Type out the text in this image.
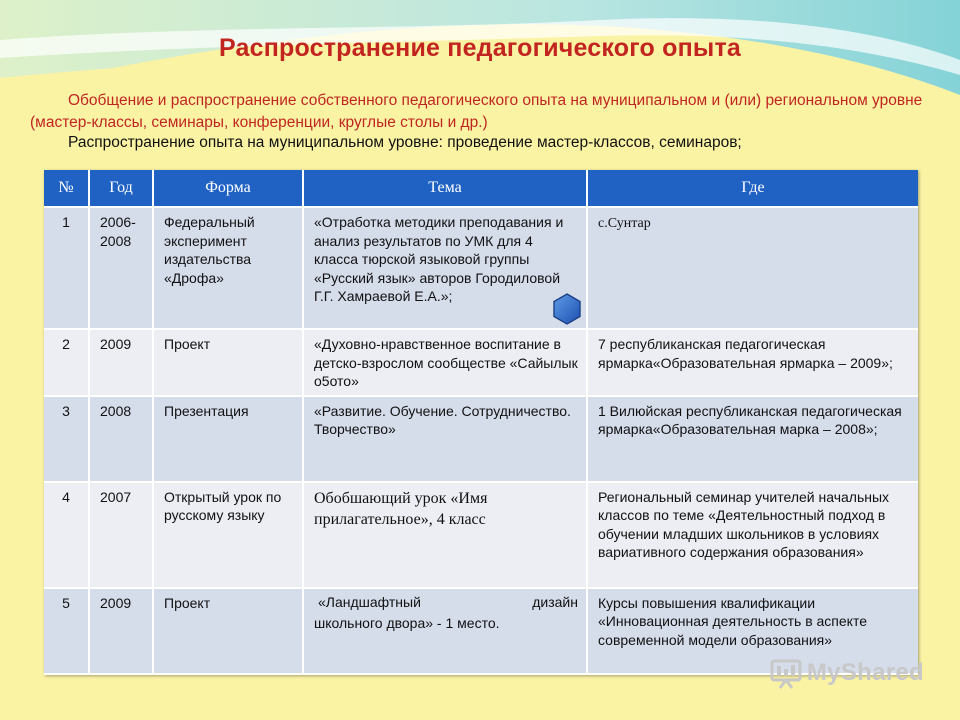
Распространение педагогического опыта
Обобщение и распространение собственного педагогического опыта на муниципальном и (или) региональном уровне (мастер-классы, семинары, конференции, круглые столы и др.)
Распространение опыта на муниципальном уровне: проведение мастер-классов, семинаров;
№	Год	Форма	Тема	Где
1	2006-2008	Федеральный эксперимент издательства «Дрофа»	«Отработка методики преподавания и анализ результатов по УМК для 4 класса тюрской языковой группы «Русский язык» авторов Городиловой Г.Г. Хамраевой Е.А.»;	с.Сунтар
2	2009	Проект	«Духовно-нравственное воспитание в детско-взрослом сообществе «Сайылык о5ото»	7 республиканская педагогическая ярмарка«Образовательная ярмарка – 2009»;
3	2008	Презентация	«Развитие. Обучение. Сотрудничество. Творчество»	1 Вилюйская республиканская педагогическая ярмарка«Образовательная марка – 2008»;
4	2007	Открытый урок по русскому языку	Обобшающий урок «Имя прилагательное», 4 класс	Региональный семинар учителей начальных классов по теме «Деятельностный подход в обучении младших школьников в условиях вариативного содержания образования»
5	2009	Проект	«Ландшафтный дизайн
школьного двора» - 1 место.	Курсы повышения квалификации «Инновационная деятельность в аспекте современной модели образования»
MyShared
